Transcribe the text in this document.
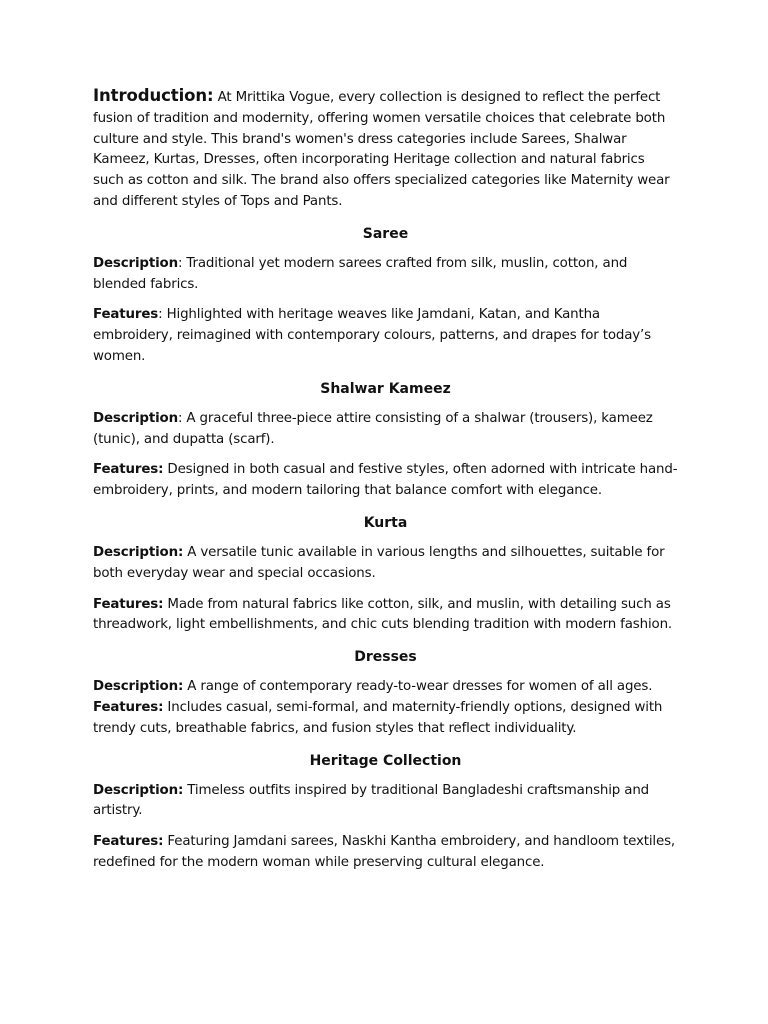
Introduction: At Mrittika Vogue, every collection is designed to reflect the perfect fusion of tradition and modernity, offering women versatile choices that celebrate both culture and style. This brand's women's dress categories include Sarees, Shalwar Kameez, Kurtas, Dresses, often incorporating Heritage collection and natural fabrics such as cotton and silk. The brand also offers specialized categories like Maternity wear and different styles of Tops and Pants.

Saree

Description: Traditional yet modern sarees crafted from silk, muslin, cotton, and blended fabrics.

Features: Highlighted with heritage weaves like Jamdani, Katan, and Kantha embroidery, reimagined with contemporary colours, patterns, and drapes for today’s women.

Shalwar Kameez

Description: A graceful three-piece attire consisting of a shalwar (trousers), kameez (tunic), and dupatta (scarf).

Features: Designed in both casual and festive styles, often adorned with intricate hand-embroidery, prints, and modern tailoring that balance comfort with elegance.

Kurta

Description: A versatile tunic available in various lengths and silhouettes, suitable for both everyday wear and special occasions.

Features: Made from natural fabrics like cotton, silk, and muslin, with detailing such as threadwork, light embellishments, and chic cuts blending tradition with modern fashion.

Dresses

Description: A range of contemporary ready-to-wear dresses for women of all ages.

Features: Includes casual, semi-formal, and maternity-friendly options, designed with trendy cuts, breathable fabrics, and fusion styles that reflect individuality.

Heritage Collection

Description: Timeless outfits inspired by traditional Bangladeshi craftsmanship and artistry.

Features: Featuring Jamdani sarees, Naskhi Kantha embroidery, and handloom textiles, redefined for the modern woman while preserving cultural elegance.
